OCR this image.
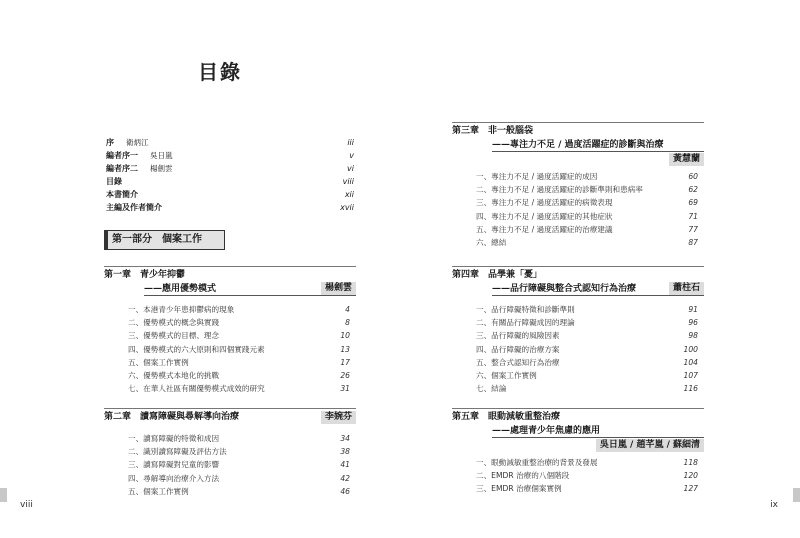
目錄
序 衛炳江	iii
編者序一 吳日嵐	v
編者序二 楊劍雲	vi
目錄	viii
本書簡介	xii
主編及作者簡介	xvii
第一部分　個案工作
第一章 青少年抑鬱
——應用優勢模式	楊劍雲
一、本港青少年患抑鬱病的現象	4
二、優勢模式的概念與實踐	8
三、優勢模式的目標、理念	10
四、優勢模式的六大原則和四個實踐元素	13
五、個案工作實例	17
六、優勢模式本地化的挑戰	26
七、在華人社區有關優勢模式成效的研究	31
第二章 讀寫障礙與尋解導向治療	李婉芬
一、讀寫障礙的特徵和成因	34
二、識別讀寫障礙及評估方法	38
三、讀寫障礙對兒童的影響	41
四、尋解導向治療介入方法	42
五、個案工作實例	46
viii
第三章 非一般腦袋
——專注力不足 / 過度活躍症的診斷與治療
黃慧蘭
一、專注力不足 / 過度活躍症的成因	60
二、專注力不足 / 過度活躍症的診斷準則和患病率	62
三、專注力不足 / 過度活躍症的病徵表現	69
四、專注力不足 / 過度活躍症的其他症狀	71
五、專注力不足 / 過度活躍症的治療建議	77
六、總結	87
第四章 品學兼「憂」
——品行障礙與整合式認知行為治療	蕭柱石
一、品行障礙特徵和診斷準則	91
二、有關品行障礙成因的理論	96
三、品行障礙的風險因素	98
四、品行障礙的治療方案	100
五、整合式認知行為治療	104
六、個案工作實例	107
七、結論	116
第五章 眼動減敏重整治療
——處理青少年焦慮的應用
吳日嵐 / 趙芊嵐 / 蘇細清
一、眼動減敏重整治療的背景及發展	118
二、EMDR 治療的八個階段	120
三、EMDR 治療個案實例	127
ix
